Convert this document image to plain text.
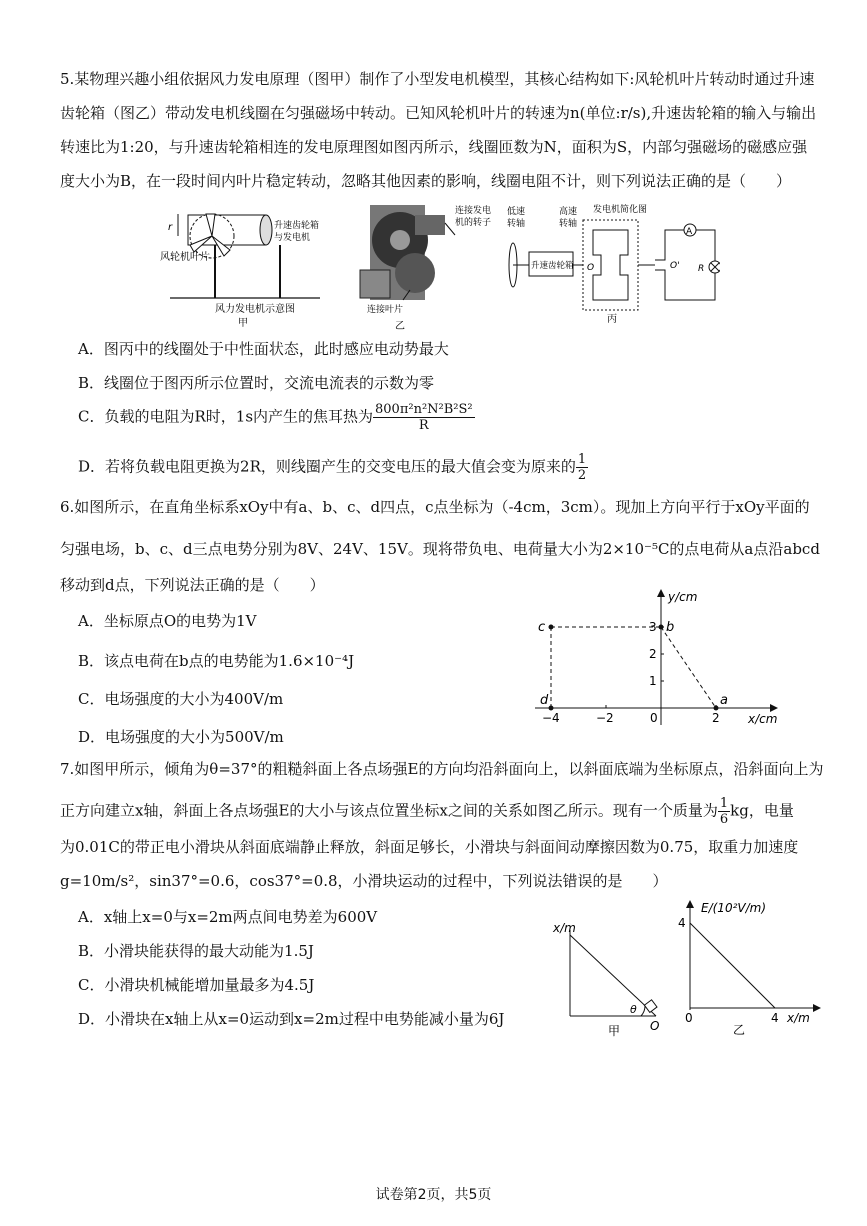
5.某物理兴趣小组依据风力发电原理（图甲）制作了小型发电机模型，其核心结构如下:风轮机叶片转动时通过升速
齿轮箱（图乙）带动发电机线圈在匀强磁场中转动。已知风轮机叶片的转速为n(单位:r/s),升速齿轮箱的输入与输出
转速比为1:20，与升速齿轮箱相连的发电原理图如图丙所示，线圈匝数为N，面积为S，内部匀强磁场的磁感应强
度大小为B，在一段时间内叶片稳定转动，忽略其他因素的影响，线圈电阻不计，则下列说法正确的是（　　）
r
风轮机叶片
升速齿轮箱
与发电机
风力发电机示意图
甲
连接发电
机的转子
连接叶片
乙
低速
转轴
高速
转轴
发电机简化图
升速齿轮箱 O	O'
A
R
丙
A．图丙中的线圈处于中性面状态，此时感应电动势最大
B．线圈位于图丙所示位置时，交流电流表的示数为零
C．负载的电阻为R时，1s内产生的焦耳热为 $\frac{\text{800π²n²N²B²S²}}{R}$
D．若将负载电阻更换为2R，则线圈产生的交变电压的最大值会变为原来的 $\frac{1}{2}$
6.如图所示，在直角坐标系xOy中有a、b、c、d四点，c点坐标为（-4cm，3cm）。现加上方向平行于xOy平面的
匀强电场，b、c、d三点电势分别为8V、24V、15V。现将带负电、电荷量大小为2×10⁻⁵C的点电荷从a点沿abcd
移动到d点，下列说法正确的是（　　）
A．坐标原点O的电势为1V
B．该点电荷在b点的电势能为1.6×10⁻⁴J
C．电场强度的大小为400V/m
D．电场强度的大小为500V/m
y/cm
x/cm
−4	−2	0	2
1
2
3
c	b
d	a
7.如图甲所示，倾角为θ=37°的粗糙斜面上各点场强E的方向均沿斜面向上，以斜面底端为坐标原点，沿斜面向上为
正方向建立x轴，斜面上各点场强E的大小与该点位置坐标x之间的关系如图乙所示。现有一个质量为 $\frac{1}{6}$ kg，电量
为0.01C的带正电小滑块从斜面底端静止释放，斜面足够长，小滑块与斜面间动摩擦因数为0.75，取重力加速度
g=10m/s²，sin37°=0.6，cos37°=0.8，小滑块运动的过程中，下列说法错误的是　　）
A．x轴上x=0与x=2m两点间电势差为600V
B．小滑块能获得的最大动能为1.5J
C．小滑块机械能增加量最多为4.5J
D．小滑块在x轴上从x=0运动到x=2m过程中电势能减小量为6J
x/m
θ
O
甲
E/(10²V/m)
4
0	4 x/m
乙
试卷第2页，共5页
